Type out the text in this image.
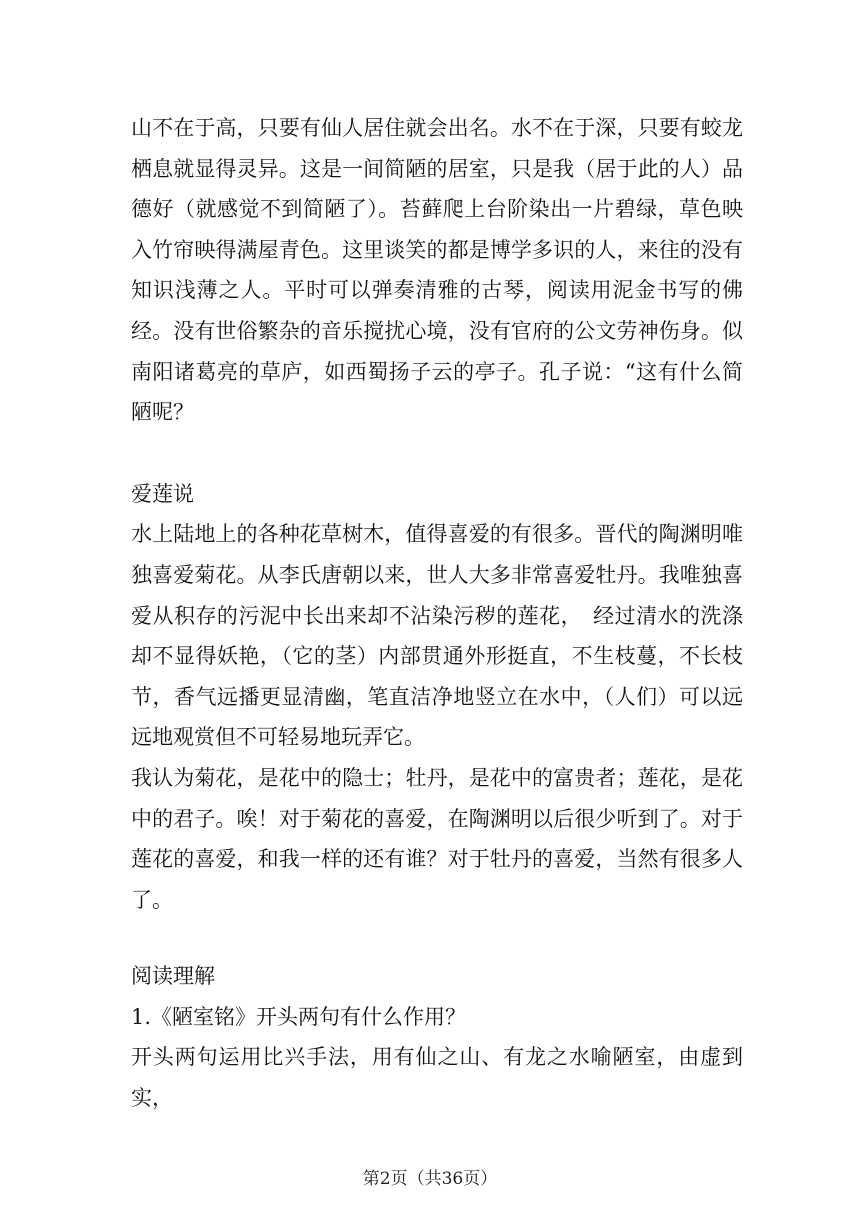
山不在于高，只要有仙人居住就会出名。水不在于深，只要有蛟龙栖息就显得灵异。这是一间简陋的居室，只是我（居于此的人）品德好（就感觉不到简陋了）。苔藓爬上台阶染出一片碧绿，草色映入竹帘映得满屋青色。这里谈笑的都是博学多识的人，来往的没有知识浅薄之人。平时可以弹奏清雅的古琴，阅读用泥金书写的佛经。没有世俗繁杂的音乐搅扰心境，没有官府的公文劳神伤身。似南阳诸葛亮的草庐，如西蜀扬子云的亭子。孔子说：“这有什么简陋呢？

爱莲说

水上陆地上的各种花草树木，值得喜爱的有很多。晋代的陶渊明唯独喜爱菊花。从李氏唐朝以来，世人大多非常喜爱牡丹。我唯独喜爱从积存的污泥中长出来却不沾染污秽的莲花，　经过清水的洗涤却不显得妖艳，（它的茎）内部贯通外形挺直，不生枝蔓，不长枝节，香气远播更显清幽，笔直洁净地竖立在水中，（人们）可以远远地观赏但不可轻易地玩弄它。

我认为菊花，是花中的隐士；牡丹，是花中的富贵者；莲花，是花中的君子。唉！对于菊花的喜爱，在陶渊明以后很少听到了。对于莲花的喜爱，和我一样的还有谁？对于牡丹的喜爱，当然有很多人了。

阅读理解

1.《陋室铭》开头两句有什么作用？

开头两句运用比兴手法，用有仙之山、有龙之水喻陋室，由虚到实，

第2页（共36页）
